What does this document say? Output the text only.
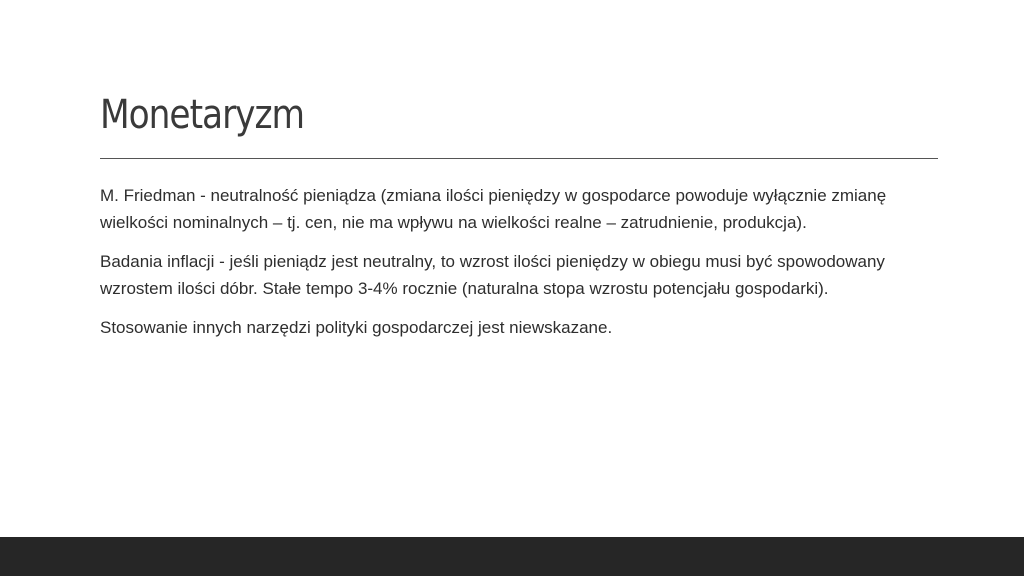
Monetaryzm

M. Friedman - neutralność pieniądza (zmiana ilości pieniędzy w gospodarce powoduje wyłącznie zmianę wielkości nominalnych – tj. cen, nie ma wpływu na wielkości realne – zatrudnienie, produkcja).

Badania inflacji - jeśli pieniądz jest neutralny, to wzrost ilości pieniędzy w obiegu musi być spowodowany wzrostem ilości dóbr. Stałe tempo 3-4% rocznie (naturalna stopa wzrostu potencjału gospodarki).

Stosowanie innych narzędzi polityki gospodarczej jest niewskazane.
